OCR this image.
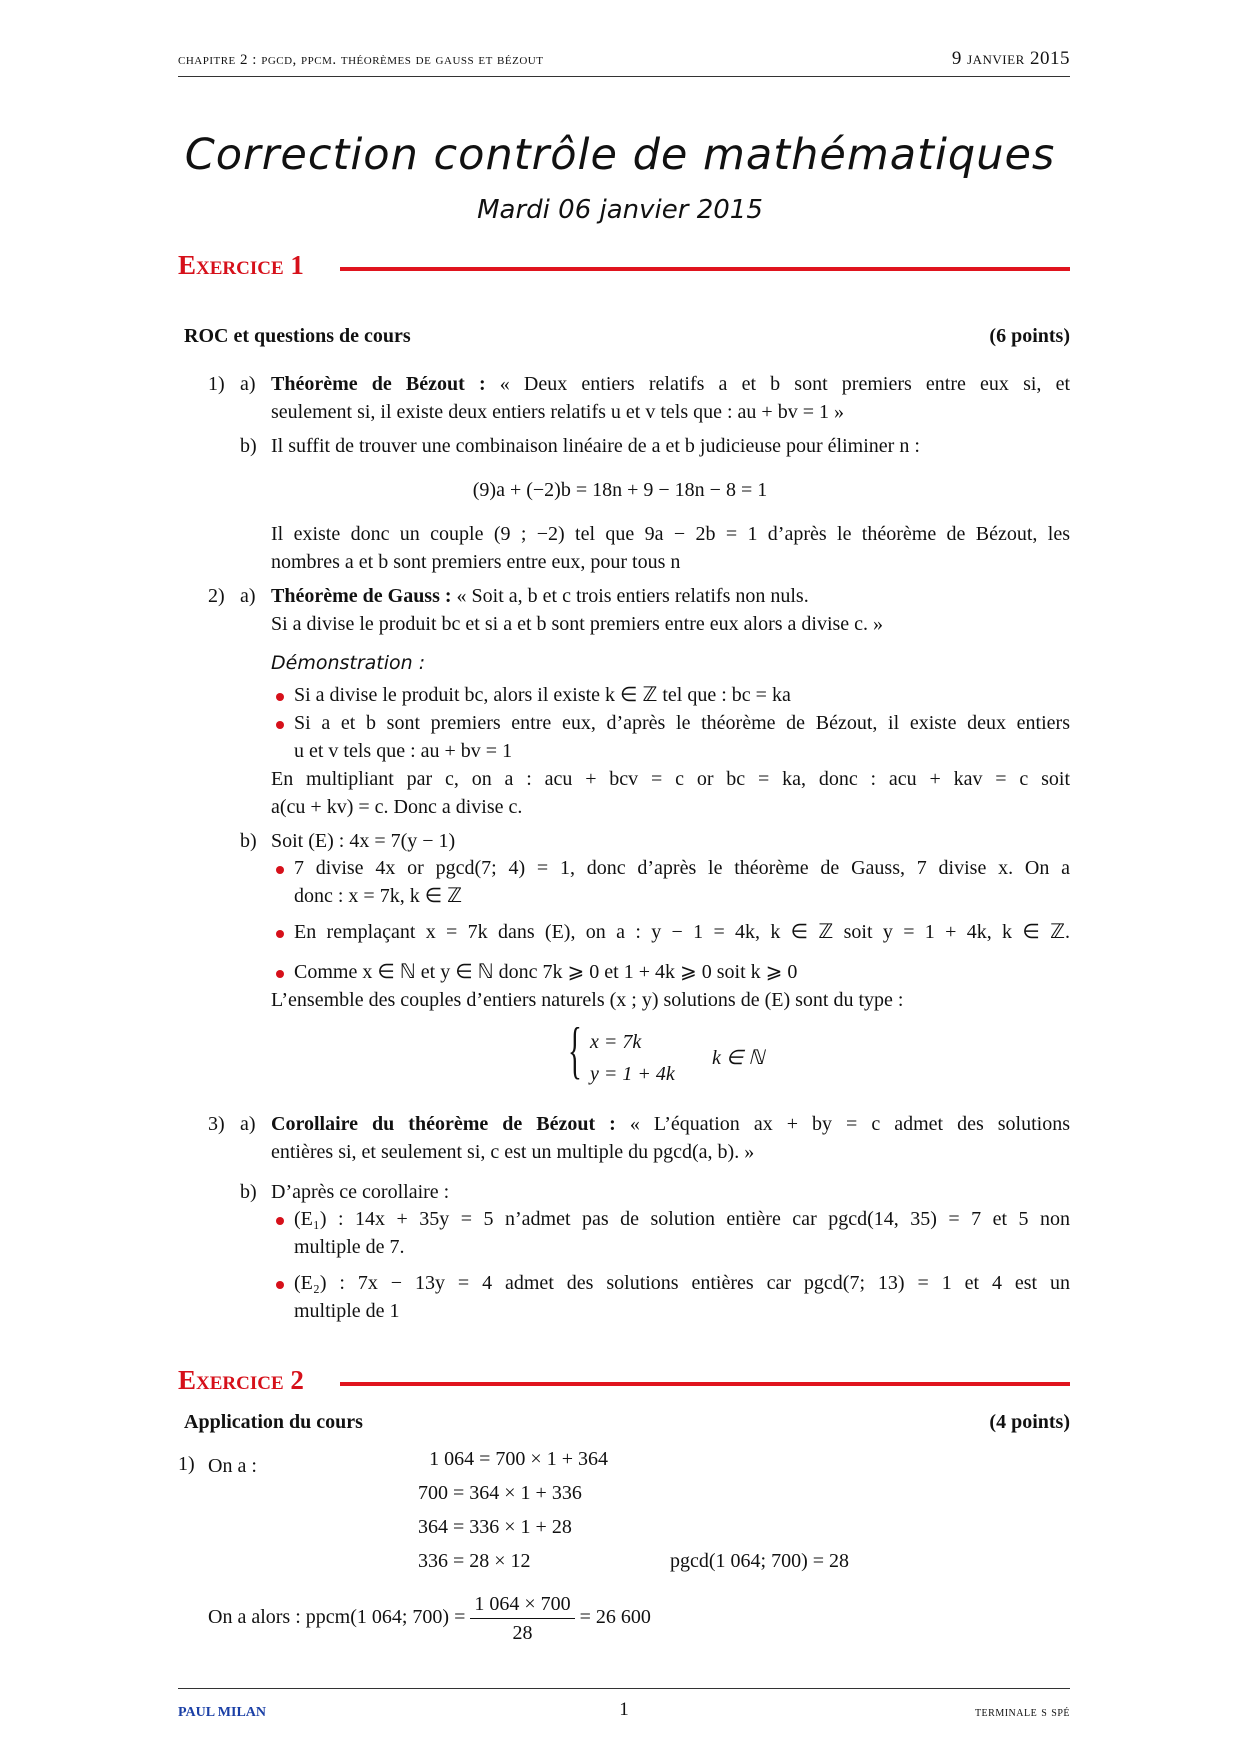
chapitre 2 : pgcd, ppcm. théorèmes de gauss et bézout	9 janvier 2015
Correction contrôle de mathématiques
Mardi 06 janvier 2015
Exercice 1
ROC et questions de cours	(6 points)
1) a) Théorème de Bézout : « Deux entiers relatifs a et b sont premiers entre eux si, et
seulement si, il existe deux entiers relatifs u et v tels que : au + bv = 1 »
b) Il suffit de trouver une combinaison linéaire de a et b judicieuse pour éliminer n :
(9)a + (−2)b = 18n + 9 − 18n − 8 = 1
Il existe donc un couple (9 ; −2) tel que 9a − 2b = 1 d’après le théorème de Bézout, les
nombres a et b sont premiers entre eux, pour tous n
2) a) Théorème de Gauss : « Soit a, b et c trois entiers relatifs non nuls.
Si a divise le produit bc et si a et b sont premiers entre eux alors a divise c. »
Démonstration :
Si a divise le produit bc, alors il existe k ∈ ℤ tel que : bc = ka
Si a et b sont premiers entre eux, d’après le théorème de Bézout, il existe deux entiers
u et v tels que : au + bv = 1
En multipliant par c, on a : acu + bcv = c or bc = ka, donc : acu + kav = c soit
a(cu + kv) = c. Donc a divise c.
b) Soit (E) : 4x = 7(y − 1)
7 divise 4x or pgcd(7; 4) = 1, donc d’après le théorème de Gauss, 7 divise x. On a
donc : x = 7k, k ∈ ℤ
En remplaçant x = 7k dans (E), on a : y − 1 = 4k, k ∈ ℤ soit y = 1 + 4k, k ∈ ℤ.
Comme x ∈ ℕ et y ∈ ℕ donc 7k ⩾ 0 et 1 + 4k ⩾ 0 soit k ⩾ 0
L’ensemble des couples d’entiers naturels (x ; y) solutions de (E) sont du type :
{ x = 7k
y = 1 + 4k
k ∈ ℕ
3) a) Corollaire du théorème de Bézout : « L’équation ax + by = c admet des solutions
entières si, et seulement si, c est un multiple du pgcd(a, b). »
b) D’après ce corollaire :
(E₁) : 14x + 35y = 5 n’admet pas de solution entière car pgcd(14, 35) = 7 et 5 non
multiple de 7.
(E₂) : 7x − 13y = 4 admet des solutions entières car pgcd(7; 13) = 1 et 4 est un
multiple de 1
Exercice 2
Application du cours	(4 points)
1) On a :	1 064 = 700 × 1 + 364
700 = 364 × 1 + 336
364 = 336 × 1 + 28
336 = 28 × 12	pgcd(1 064; 700) = 28
On a alors : ppcm(1 064; $700) = \frac{1 064 \times 700}{28} = 26$ 600
PAUL MILAN	1	terminale s spé
